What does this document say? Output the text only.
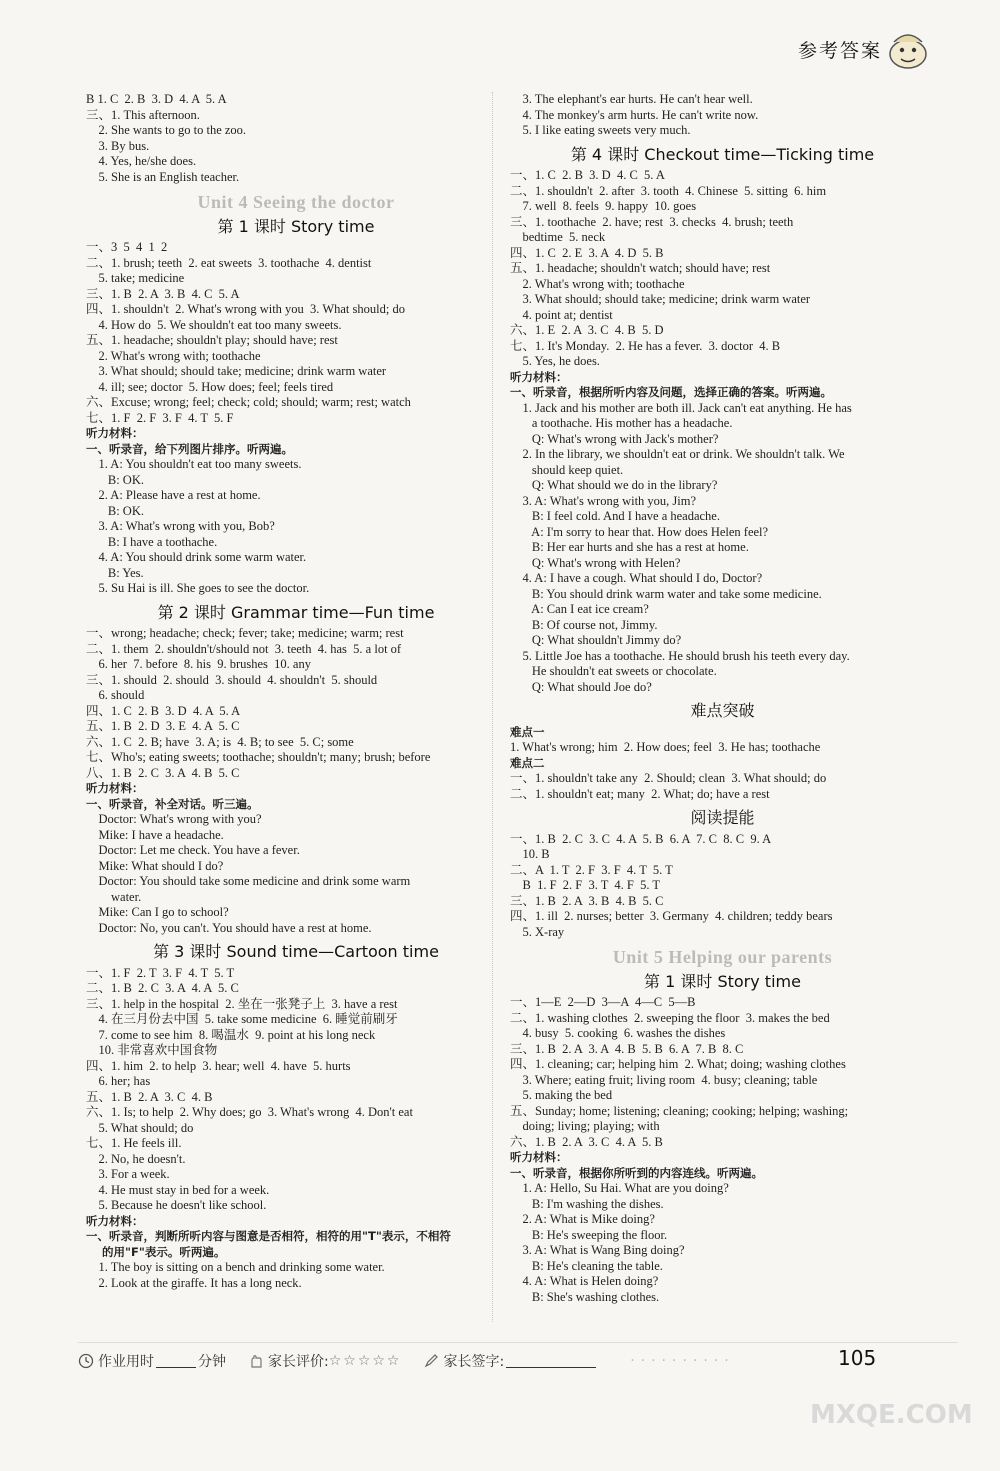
参考答案
B 1. C  2. B  3. D  4. A  5. A
三、1. This afternoon.
2. She wants to go to the zoo.
3. By bus.
4. Yes, he/she does.
5. She is an English teacher.
Unit 4 Seeing the doctor
第 1 课时 Story time
一、3  5  4  1  2
二、1. brush; teeth  2. eat sweets  3. toothache  4. dentist
5. take; medicine
三、1. B  2. A  3. B  4. C  5. A
四、1. shouldn't  2. What's wrong with you  3. What should; do
4. How do  5. We shouldn't eat too many sweets.
五、1. headache; shouldn't play; should have; rest
2. What's wrong with; toothache
3. What should; should take; medicine; drink warm water
4. ill; see; doctor  5. How does; feel; feels tired
六、Excuse; wrong; feel; check; cold; should; warm; rest; watch
七、1. F  2. F  3. F  4. T  5. F
听力材料：
一、听录音，给下列图片排序。听两遍。
1. A: You shouldn't eat too many sweets.
B: OK.
2. A: Please have a rest at home.
B: OK.
3. A: What's wrong with you, Bob?
B: I have a toothache.
4. A: You should drink some warm water.
B: Yes.
5. Su Hai is ill. She goes to see the doctor.
第 2 课时 Grammar time—Fun time
一、wrong; headache; check; fever; take; medicine; warm; rest
二、1. them  2. shouldn't/should not  3. teeth  4. has  5. a lot of
6. her  7. before  8. his  9. brushes  10. any
三、1. should  2. should  3. should  4. shouldn't  5. should
6. should
四、1. C  2. B  3. D  4. A  5. A
五、1. B  2. D  3. E  4. A  5. C
六、1. C  2. B; have  3. A; is  4. B; to see  5. C; some
七、Who's; eating sweets; toothache; shouldn't; many; brush; before
八、1. B  2. C  3. A  4. B  5. C
听力材料：
一、听录音，补全对话。听三遍。
Doctor: What's wrong with you?
Mike: I have a headache.
Doctor: Let me check. You have a fever.
Mike: What should I do?
Doctor: You should take some medicine and drink some warm
water.
Mike: Can I go to school?
Doctor: No, you can't. You should have a rest at home.
第 3 课时 Sound time—Cartoon time
一、1. F  2. T  3. F  4. T  5. T
二、1. B  2. C  3. A  4. A  5. C
三、1. help in the hospital  2. 坐在一张凳子上  3. have a rest
4. 在三月份去中国  5. take some medicine  6. 睡觉前刷牙
7. come to see him  8. 喝温水  9. point at his long neck
10. 非常喜欢中国食物
四、1. him  2. to help  3. hear; well  4. have  5. hurts
6. her; has
五、1. B  2. A  3. C  4. B
六、1. Is; to help  2. Why does; go  3. What's wrong  4. Don't eat
5. What should; do
七、1. He feels ill.
2. No, he doesn't.
3. For a week.
4. He must stay in bed for a week.
5. Because he doesn't like school.
听力材料：
一、听录音，判断所听内容与图意是否相符，相符的用"T"表示，不相符
的用"F"表示。听两遍。
1. The boy is sitting on a bench and drinking some water.
2. Look at the giraffe. It has a long neck.
3. The elephant's ear hurts. He can't hear well.
4. The monkey's arm hurts. He can't write now.
5. I like eating sweets very much.
第 4 课时 Checkout time—Ticking time
一、1. C  2. B  3. D  4. C  5. A
二、1. shouldn't  2. after  3. tooth  4. Chinese  5. sitting  6. him
7. well  8. feels  9. happy  10. goes
三、1. toothache  2. have; rest  3. checks  4. brush; teeth
bedtime  5. neck
四、1. C  2. E  3. A  4. D  5. B
五、1. headache; shouldn't watch; should have; rest
2. What's wrong with; toothache
3. What should; should take; medicine; drink warm water
4. point at; dentist
六、1. E  2. A  3. C  4. B  5. D
七、1. It's Monday.  2. He has a fever.  3. doctor  4. B
5. Yes, he does.
听力材料：
一、听录音，根据所听内容及问题，选择正确的答案。听两遍。
1. Jack and his mother are both ill. Jack can't eat anything. He has
a toothache. His mother has a headache.
Q: What's wrong with Jack's mother?
2. In the library, we shouldn't eat or drink. We shouldn't talk. We
should keep quiet.
Q: What should we do in the library?
3. A: What's wrong with you, Jim?
B: I feel cold. And I have a headache.
A: I'm sorry to hear that. How does Helen feel?
B: Her ear hurts and she has a rest at home.
Q: What's wrong with Helen?
4. A: I have a cough. What should I do, Doctor?
B: You should drink warm water and take some medicine.
A: Can I eat ice cream?
B: Of course not, Jimmy.
Q: What shouldn't Jimmy do?
5. Little Joe has a toothache. He should brush his teeth every day.
He shouldn't eat sweets or chocolate.
Q: What should Joe do?
难点突破
难点一
1. What's wrong; him  2. How does; feel  3. He has; toothache
难点二
一、1. shouldn't take any  2. Should; clean  3. What should; do
二、1. shouldn't eat; many  2. What; do; have a rest
阅读提能
一、1. B  2. C  3. C  4. A  5. B  6. A  7. C  8. C  9. A
10. B
二、A  1. T  2. F  3. F  4. T  5. T
B  1. F  2. F  3. T  4. F  5. T
三、1. B  2. A  3. B  4. B  5. C
四、1. ill  2. nurses; better  3. Germany  4. children; teddy bears
5. X-ray
Unit 5 Helping our parents
第 1 课时 Story time
一、1—E  2—D  3—A  4—C  5—B
二、1. washing clothes  2. sweeping the floor  3. makes the bed
4. busy  5. cooking  6. washes the dishes
三、1. B  2. A  3. A  4. B  5. B  6. A  7. B  8. C
四、1. cleaning; car; helping him  2. What; doing; washing clothes
3. Where; eating fruit; living room  4. busy; cleaning; table
5. making the bed
五、Sunday; home; listening; cleaning; cooking; helping; washing;
doing; living; playing; with
六、1. B  2. A  3. C  4. A  5. B
听力材料：
一、听录音，根据你所听到的内容连线。听两遍。
1. A: Hello, Su Hai. What are you doing?
B: I'm washing the dishes.
2. A: What is Mike doing?
B: He's sweeping the floor.
3. A: What is Wang Bing doing?
B: He's cleaning the table.
4. A: What is Helen doing?
B: She's washing clothes.
作业用时	分钟	家长评价: ☆☆☆☆☆	家长签字:	··········	105
MXQE.COM
